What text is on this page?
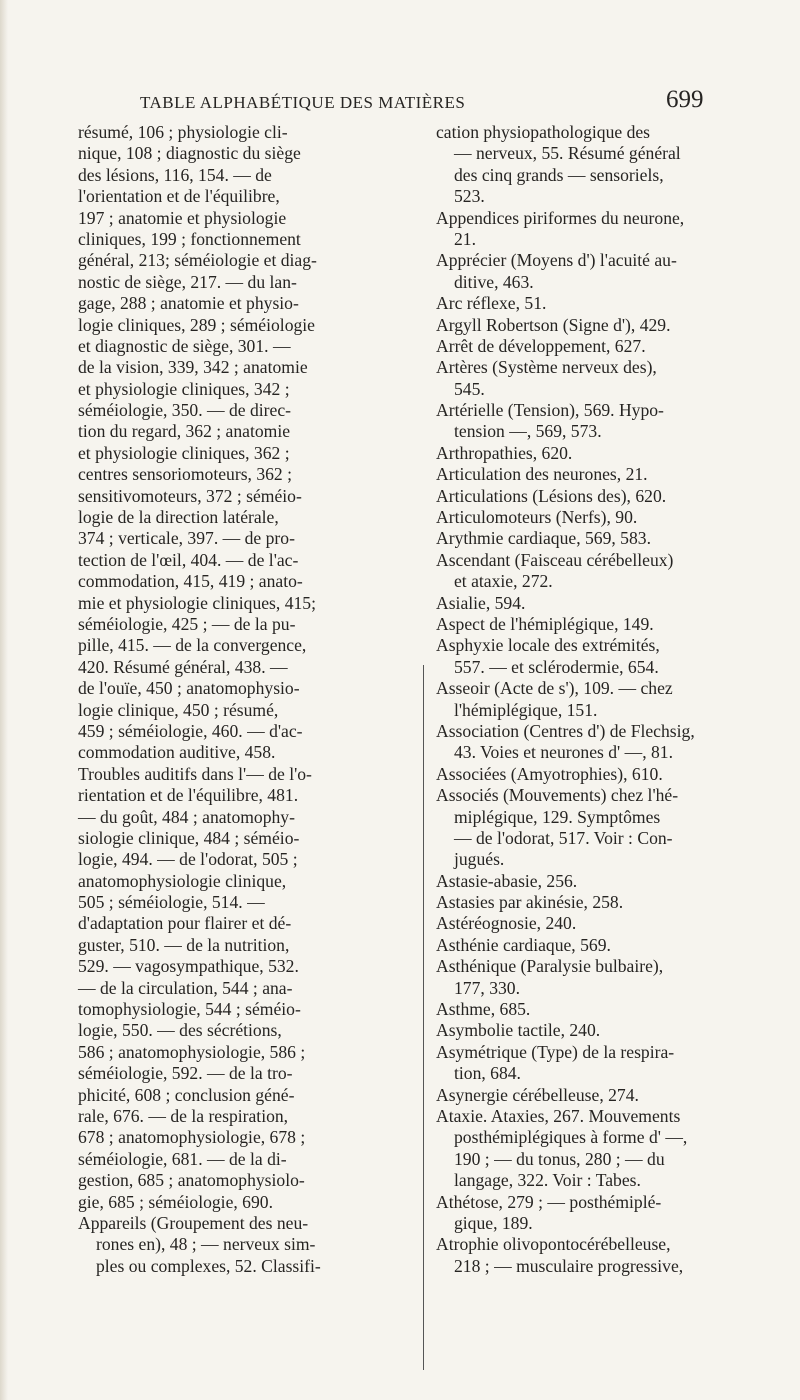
TABLE ALPHABÉTIQUE DES MATIÈRES	699
résumé, 106 ; physiologie cli-
nique, 108 ; diagnostic du siège
des lésions, 116, 154. — de
l'orientation et de l'équilibre,
197 ; anatomie et physiologie
cliniques, 199 ; fonctionnement
général, 213; séméiologie et diag-
nostic de siège, 217. — du lan-
gage, 288 ; anatomie et physio-
logie cliniques, 289 ; séméiologie
et diagnostic de siège, 301. —
de la vision, 339, 342 ; anatomie
et physiologie cliniques, 342 ;
séméiologie, 350. — de direc-
tion du regard, 362 ; anatomie
et physiologie cliniques, 362 ;
centres sensoriomoteurs, 362 ;
sensitivomoteurs, 372 ; séméio-
logie de la direction latérale,
374 ; verticale, 397. — de pro-
tection de l'œil, 404. — de l'ac-
commodation, 415, 419 ; anato-
mie et physiologie cliniques, 415;
séméiologie, 425 ; — de la pu-
pille, 415. — de la convergence,
420. Résumé général, 438. —
de l'ouïe, 450 ; anatomophysio-
logie clinique, 450 ; résumé,
459 ; séméiologie, 460. — d'ac-
commodation auditive, 458.
Troubles auditifs dans l'— de l'o-
rientation et de l'équilibre, 481.
— du goût, 484 ; anatomophy-
siologie clinique, 484 ; séméio-
logie, 494. — de l'odorat, 505 ;
anatomophysiologie clinique,
505 ; séméiologie, 514. —
d'adaptation pour flairer et dé-
guster, 510. — de la nutrition,
529. — vagosympathique, 532.
— de la circulation, 544 ; ana-
tomophysiologie, 544 ; séméio-
logie, 550. — des sécrétions,
586 ; anatomophysiologie, 586 ;
séméiologie, 592. — de la tro-
phicité, 608 ; conclusion géné-
rale, 676. — de la respiration,
678 ; anatomophysiologie, 678 ;
séméiologie, 681. — de la di-
gestion, 685 ; anatomophysiolo-
gie, 685 ; séméiologie, 690.
Appareils (Groupement des neu-
rones en), 48 ; — nerveux sim-
ples ou complexes, 52. Classifi-
cation physiopathologique des
— nerveux, 55. Résumé général
des cinq grands — sensoriels,
523.
Appendices piriformes du neurone,
21.
Apprécier (Moyens d') l'acuité au-
ditive, 463.
Arc réflexe, 51.
Argyll Robertson (Signe d'), 429.
Arrêt de développement, 627.
Artères (Système nerveux des),
545.
Artérielle (Tension), 569. Hypo-
tension —, 569, 573.
Arthropathies, 620.
Articulation des neurones, 21.
Articulations (Lésions des), 620.
Articulomoteurs (Nerfs), 90.
Arythmie cardiaque, 569, 583.
Ascendant (Faisceau cérébelleux)
et ataxie, 272.
Asialie, 594.
Aspect de l'hémiplégique, 149.
Asphyxie locale des extrémités,
557. — et sclérodermie, 654.
Asseoir (Acte de s'), 109. — chez
l'hémiplégique, 151.
Association (Centres d') de Flechsig,
43. Voies et neurones d' —, 81.
Associées (Amyotrophies), 610.
Associés (Mouvements) chez l'hé-
miplégique, 129. Symptômes
— de l'odorat, 517. Voir : Con-
jugués.
Astasie-abasie, 256.
Astasies par akinésie, 258.
Astéréognosie, 240.
Asthénie cardiaque, 569.
Asthénique (Paralysie bulbaire),
177, 330.
Asthme, 685.
Asymbolie tactile, 240.
Asymétrique (Type) de la respira-
tion, 684.
Asynergie cérébelleuse, 274.
Ataxie. Ataxies, 267. Mouvements
posthémiplégiques à forme d' —,
190 ; — du tonus, 280 ; — du
langage, 322. Voir : Tabes.
Athétose, 279 ; — posthémiplé-
gique, 189.
Atrophie olivopontocérébelleuse,
218 ; — musculaire progressive,
